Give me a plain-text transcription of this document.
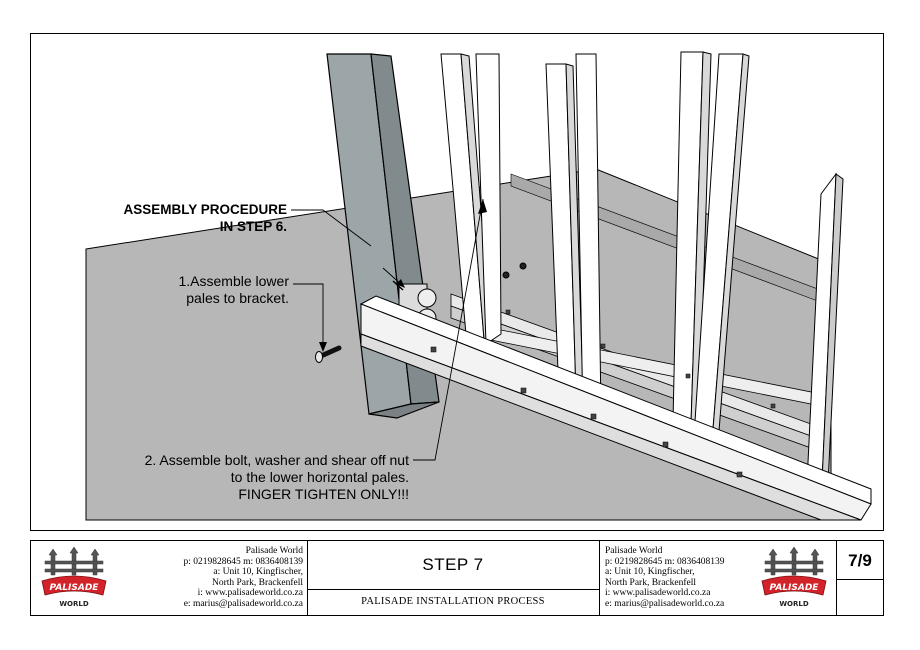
ASSEMBLY PROCEDURE
IN STEP 6.
1.Assemble lower
pales to bracket.
2. Assemble bolt, washer and shear off nut
to the lower horizontal pales.
FINGER TIGHTEN ONLY!!!
PALISADE
WORLD
Palisade World
p: 0219828645 m: 0836408139
a: Unit 10, Kingfischer,
North Park, Brackenfell
i: www.palisadeworld.co.za
e: marius@palisadeworld.co.za
STEP 7
PALISADE INSTALLATION PROCESS
Palisade World
p: 0219828645 m: 0836408139
a: Unit 10, Kingfischer,
North Park, Brackenfell
i: www.palisadeworld.co.za
e: marius@palisadeworld.co.za
PALISADE
WORLD
7/9
